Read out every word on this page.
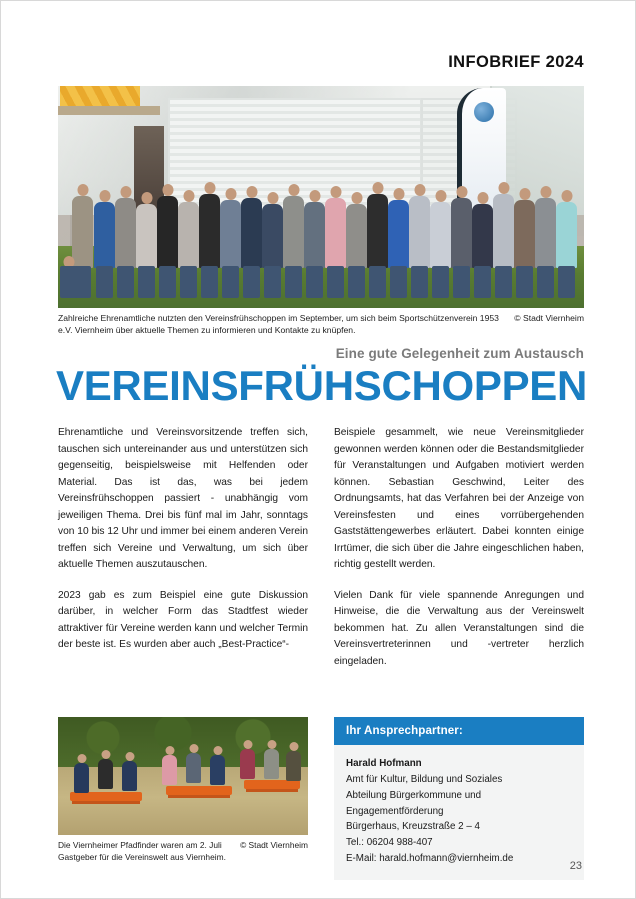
INFOBRIEF 2024
© Stadt Viernheim
Zahlreiche Ehrenamtliche nutzten den Vereinsfrühschoppen im September, um sich beim Sportschützenverein 1953 e.V. Viernheim über aktuelle Themen zu informieren und Kontakte zu knüpfen.
Eine gute Gelegenheit zum Austausch
VEREINSFRÜHSCHOPPEN

Ehrenamtliche und Vereinsvorsitzende treffen sich, tauschen sich untereinander aus und unterstützen sich gegenseitig, beispielsweise mit Helfenden oder Material. Das ist das, was bei jedem Vereinsfrühschoppen passiert - unabhängig vom jeweiligen Thema. Drei bis fünf mal im Jahr, sonntags von 10 bis 12 Uhr und immer bei einem anderen Verein treffen sich Vereine und Verwaltung, um sich über aktuelle Themen auszutauschen.

2023 gab es zum Beispiel eine gute Diskussion darüber, in welcher Form das Stadtfest wieder attraktiver für Vereine werden kann und welcher Termin der beste ist. Es wurden aber auch „Best-Practice“-

Beispiele gesammelt, wie neue Vereinsmitglieder gewonnen werden können oder die Bestandsmitglieder für Veranstaltungen und Aufgaben motiviert werden können. Sebastian Geschwind, Leiter des Ordnungsamts, hat das Verfahren bei der Anzeige von Vereinsfesten und eines vorrübergehenden Gaststättengewerbes erläutert. Dabei konnten einige Irrtümer, die sich über die Jahre eingeschlichen haben, richtig gestellt werden.

Vielen Dank für viele spannende Anregungen und Hinweise, die die Verwaltung aus der Vereinswelt bekommen hat. Zu allen Veranstaltungen sind die Vereinsvertreterinnen und -vertreter herzlich eingeladen.

© Stadt Viernheim
Die Viernheimer Pfadfinder waren am 2. Juli Gastgeber für die Vereinswelt aus Viernheim.
Ihr Ansprechpartner:
Harald Hofmann
Amt für Kultur, Bildung und Soziales
Abteilung Bürgerkommune und
Engagementförderung
Bürgerhaus, Kreuzstraße 2 – 4
Tel.: 06204 988-407
E-Mail: harald.hofmann@viernheim.de
23
